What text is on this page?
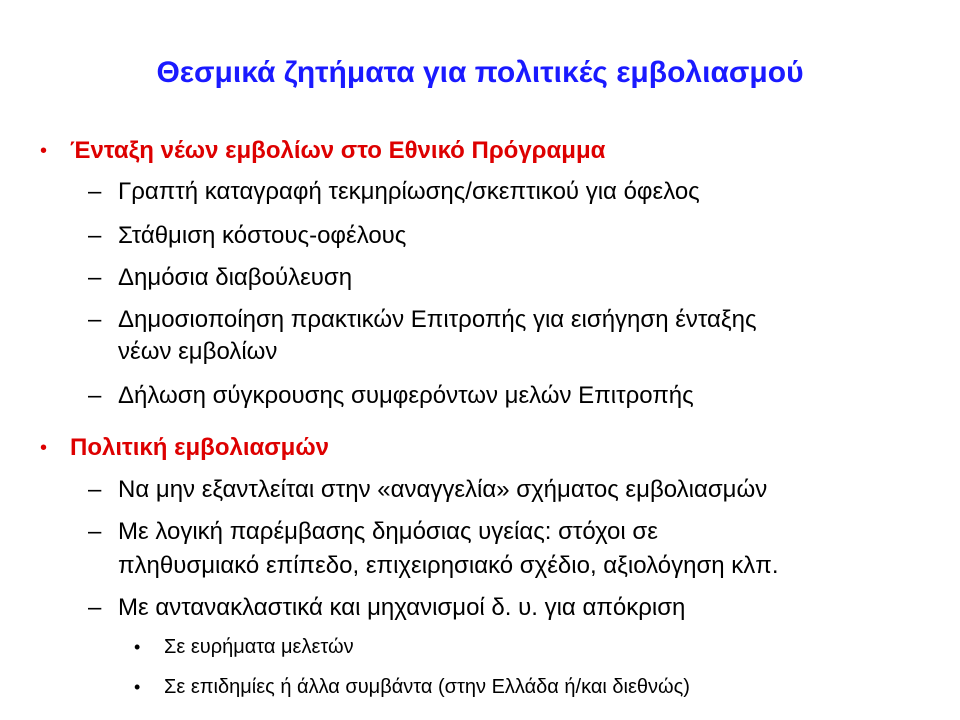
Θεσμικά ζητήματα για πολιτικές εμβολιασμού
• Ένταξη νέων εμβολίων στο Εθνικό Πρόγραμμα
– Γραπτή καταγραφή τεκμηρίωσης/σκεπτικού για όφελος
– Στάθμιση κόστους-οφέλους
– Δημόσια διαβούλευση
– Δημοσιοποίηση πρακτικών Επιτροπής για εισήγηση ένταξης
νέων εμβολίων
– Δήλωση σύγκρουσης συμφερόντων μελών Επιτροπής
• Πολιτική εμβολιασμών
– Να μην εξαντλείται στην «αναγγελία» σχήματος εμβολιασμών
– Με λογική παρέμβασης δημόσιας υγείας: στόχοι σε
πληθυσμιακό επίπεδο, επιχειρησιακό σχέδιο, αξιολόγηση κλπ.
– Με αντανακλαστικά και μηχανισμοί δ. υ. για απόκριση
• Σε ευρήματα μελετών
• Σε επιδημίες ή άλλα συμβάντα (στην Ελλάδα ή/και διεθνώς)
